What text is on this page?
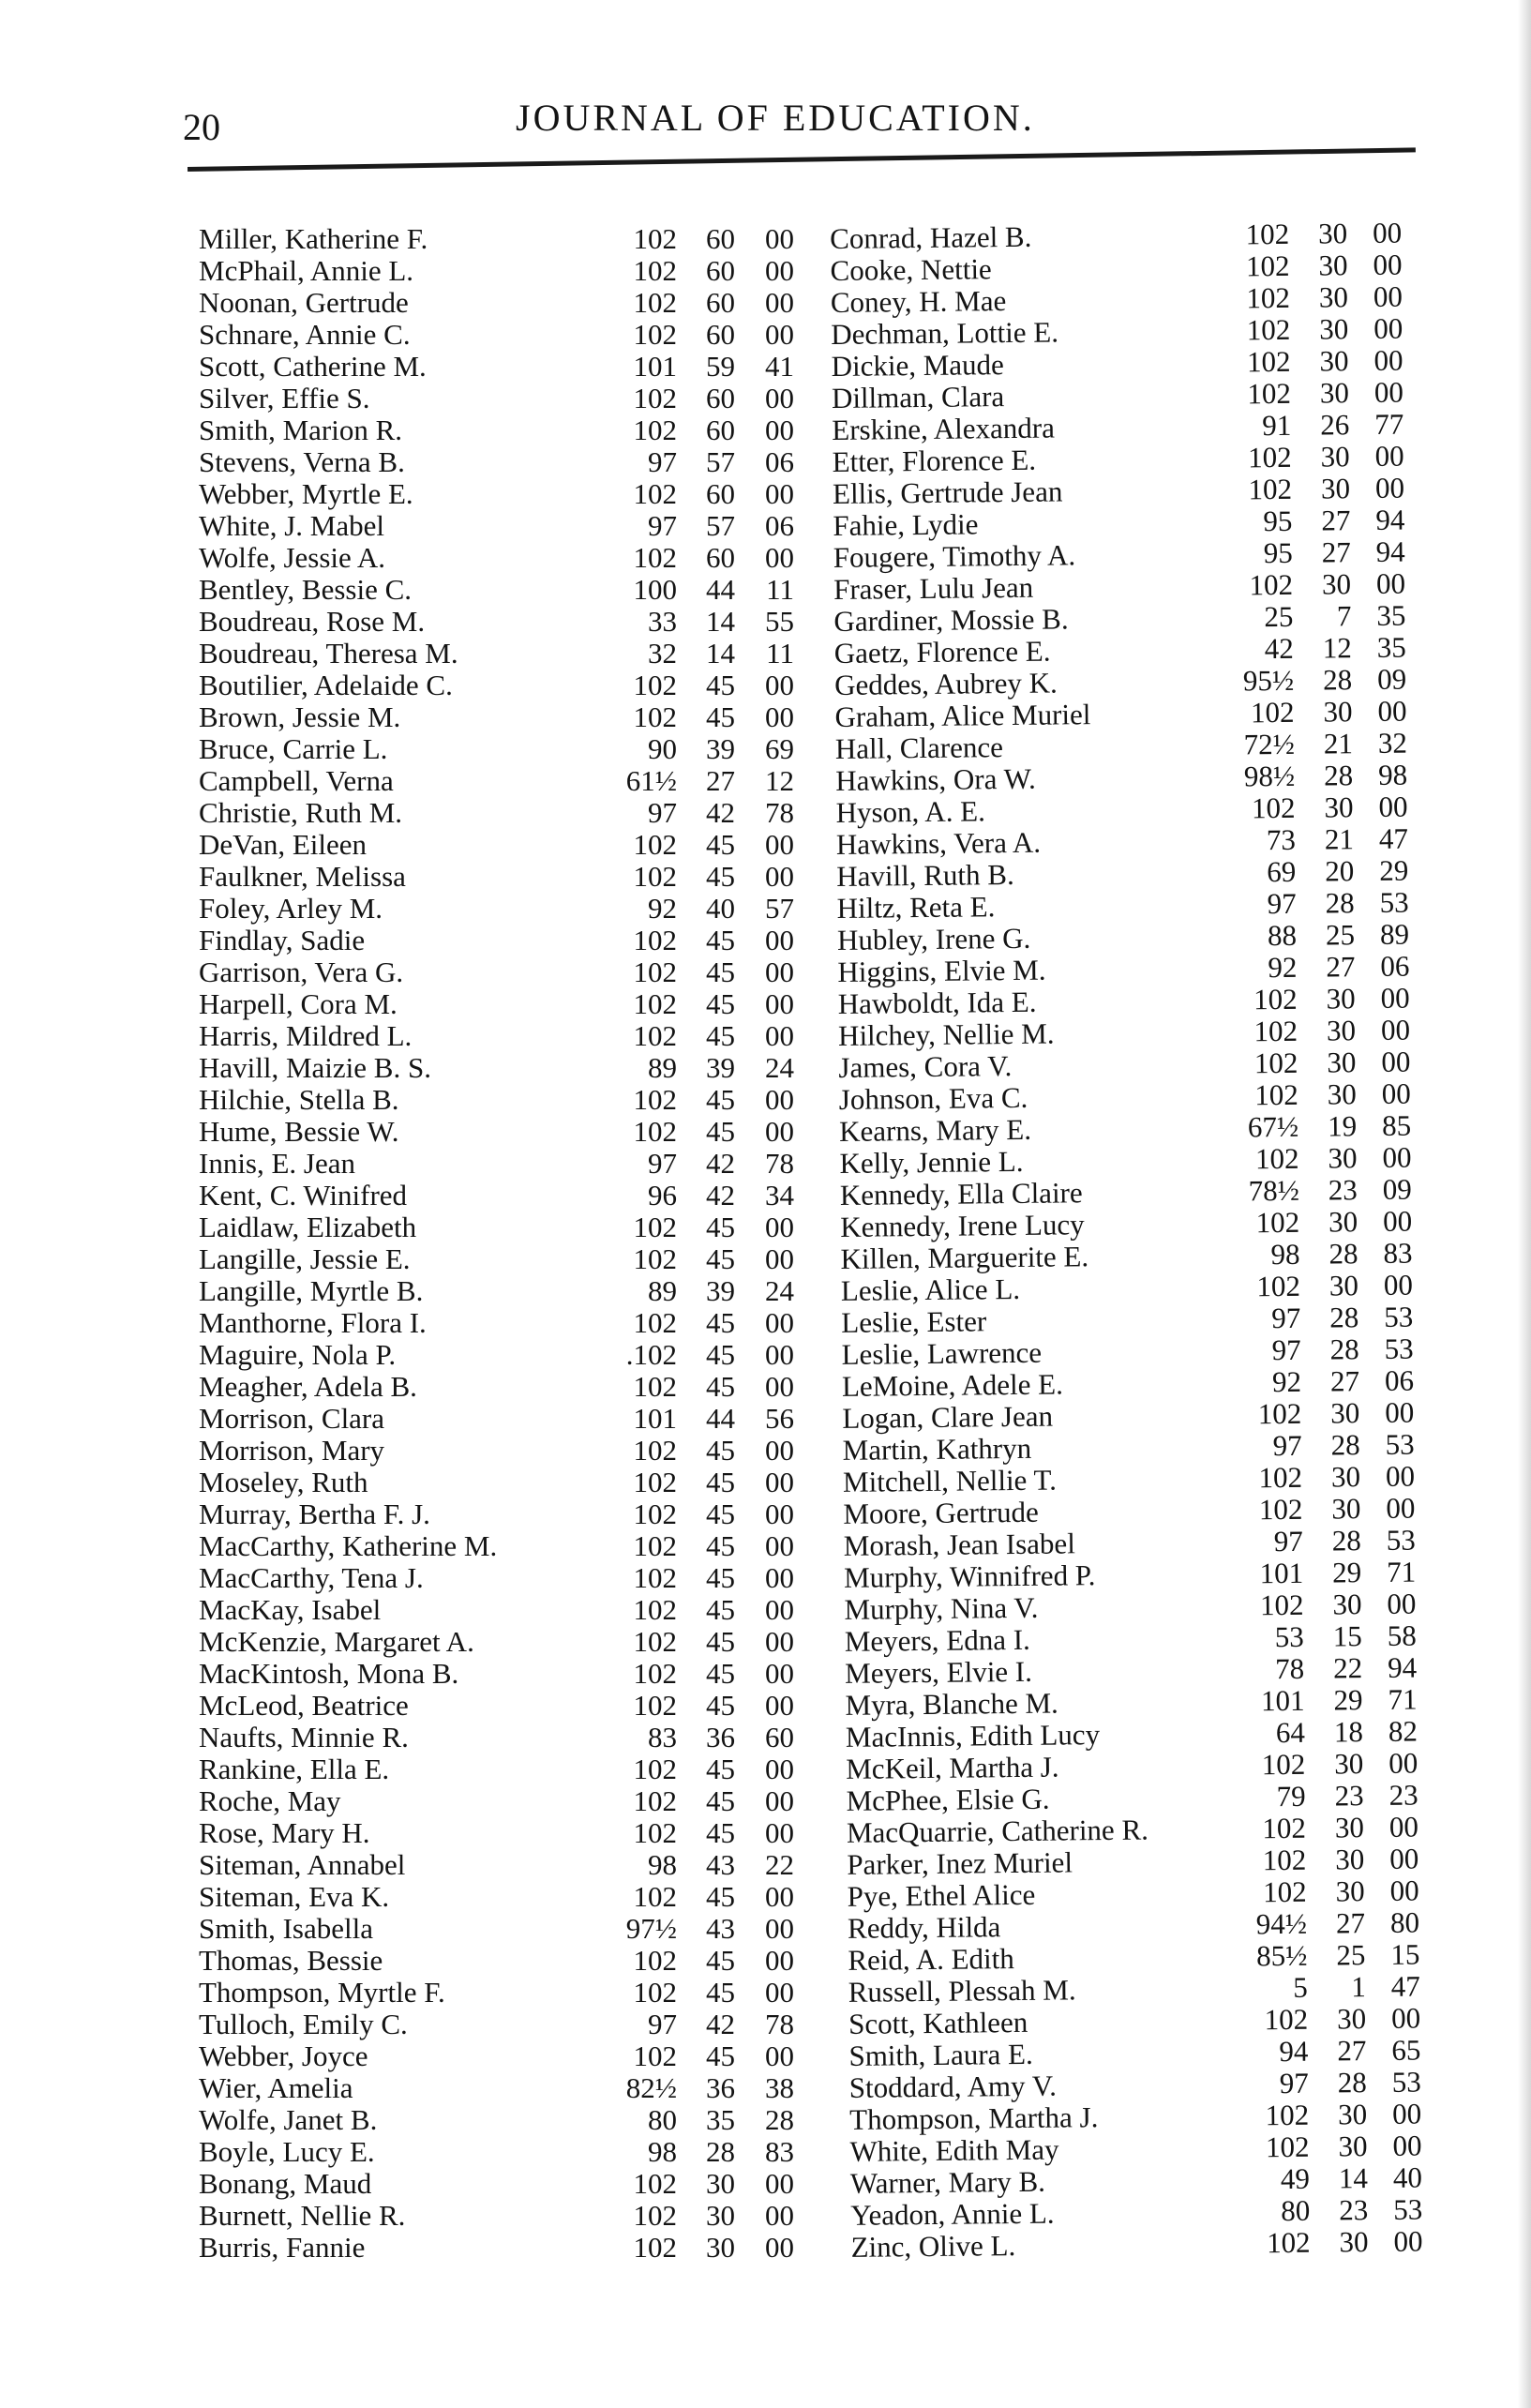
20	JOURNAL OF EDUCATION.
Miller, Katherine F.	102	60	00
McPhail, Annie L.	102	60	00
Noonan, Gertrude	102	60	00
Schnare, Annie C.	102	60	00
Scott, Catherine M.	101	59	41
Silver, Effie S.	102	60	00
Smith, Marion R.	102	60	00
Stevens, Verna B.	97	57	06
Webber, Myrtle E.	102	60	00
White, J. Mabel	97	57	06
Wolfe, Jessie A.	102	60	00
Bentley, Bessie C.	100	44	11
Boudreau, Rose M.	33	14	55
Boudreau, Theresa M.	32	14	11
Boutilier, Adelaide C.	102	45	00
Brown, Jessie M.	102	45	00
Bruce, Carrie L.	90	39	69
Campbell, Verna	61½	27	12
Christie, Ruth M.	97	42	78
DeVan, Eileen	102	45	00
Faulkner, Melissa	102	45	00
Foley, Arley M.	92	40	57
Findlay, Sadie	102	45	00
Garrison, Vera G.	102	45	00
Harpell, Cora M.	102	45	00
Harris, Mildred L.	102	45	00
Havill, Maizie B. S.	89	39	24
Hilchie, Stella B.	102	45	00
Hume, Bessie W.	102	45	00
Innis, E. Jean	97	42	78
Kent, C. Winifred	96	42	34
Laidlaw, Elizabeth	102	45	00
Langille, Jessie E.	102	45	00
Langille, Myrtle B.	89	39	24
Manthorne, Flora I.	102	45	00
Maguire, Nola P.	.102	45	00
Meagher, Adela B.	102	45	00
Morrison, Clara	101	44	56
Morrison, Mary	102	45	00
Moseley, Ruth	102	45	00
Murray, Bertha F. J.	102	45	00
MacCarthy, Katherine M.	102	45	00
MacCarthy, Tena J.	102	45	00
MacKay, Isabel	102	45	00
McKenzie, Margaret A.	102	45	00
MacKintosh, Mona B.	102	45	00
McLeod, Beatrice	102	45	00
Naufts, Minnie R.	83	36	60
Rankine, Ella E.	102	45	00
Roche, May	102	45	00
Rose, Mary H.	102	45	00
Siteman, Annabel	98	43	22
Siteman, Eva K.	102	45	00
Smith, Isabella	97½	43	00
Thomas, Bessie	102	45	00
Thompson, Myrtle F.	102	45	00
Tulloch, Emily C.	97	42	78
Webber, Joyce	102	45	00
Wier, Amelia	82½	36	38
Wolfe, Janet B.	80	35	28
Boyle, Lucy E.	98	28	83
Bonang, Maud	102	30	00
Burnett, Nellie R.	102	30	00
Burris, Fannie	102	30	00
Conrad, Hazel B.	102 30 00
Cooke, Nettie	102 30 00
Coney, H. Mae	102 30 00
Dechman, Lottie E.	102 30 00
Dickie, Maude	102 30 00
Dillman, Clara	102 30 00
Erskine, Alexandra	91 26 77
Etter, Florence E.	102 30 00
Ellis, Gertrude Jean	102 30 00
Fahie, Lydie	95 27 94
Fougere, Timothy A.	95 27 94
Fraser, Lulu Jean	102 30 00
Gardiner, Mossie B.	25	7 35
Gaetz, Florence E.	42 12 35
Geddes, Aubrey K.	95½ 28 09
Graham, Alice Muriel	102 30 00
Hall, Clarence	72½ 21 32
Hawkins, Ora W.	98½ 28 98
Hyson, A. E.	102 30 00
Hawkins, Vera A.	73 21 47
Havill, Ruth B.	69 20 29
Hiltz, Reta E.	97 28 53
Hubley, Irene G.	88 25 89
Higgins, Elvie M.	92 27 06
Hawboldt, Ida E.	102 30 00
Hilchey, Nellie M.	102 30 00
James, Cora V.	102 30 00
Johnson, Eva C.	102 30 00
Kearns, Mary E.	67½ 19 85
Kelly, Jennie L.	102 30 00
Kennedy, Ella Claire	78½ 23 09
Kennedy, Irene Lucy	102 30 00
Killen, Marguerite E.	98 28 83
Leslie, Alice L.	102 30 00
Leslie, Ester	97 28 53
Leslie, Lawrence	97 28 53
LeMoine, Adele E.	92 27 06
Logan, Clare Jean	102 30 00
Martin, Kathryn	97 28 53
Mitchell, Nellie T.	102 30 00
Moore, Gertrude	102 30 00
Morash, Jean Isabel	97 28 53
Murphy, Winnifred P.	101 29 71
Murphy, Nina V.	102 30 00
Meyers, Edna I.	53 15 58
Meyers, Elvie I.	78 22 94
Myra, Blanche M.	101 29 71
MacInnis, Edith Lucy	64 18 82
McKeil, Martha J.	102 30 00
McPhee, Elsie G.	79 23 23
MacQuarrie, Catherine R.	102 30 00
Parker, Inez Muriel	102 30 00
Pye, Ethel Alice	102 30 00
Reddy, Hilda	94½ 27 80
Reid, A. Edith	85½ 25 15
Russell, Plessah M.	5	1 47
Scott, Kathleen	102 30 00
Smith, Laura E.	94 27 65
Stoddard, Amy V.	97 28 53
Thompson, Martha J.	102 30 00
White, Edith May	102 30 00
Warner, Mary B.	49 14 40
Yeadon, Annie L.	80 23 53
Zinc, Olive L.	102 30 00
